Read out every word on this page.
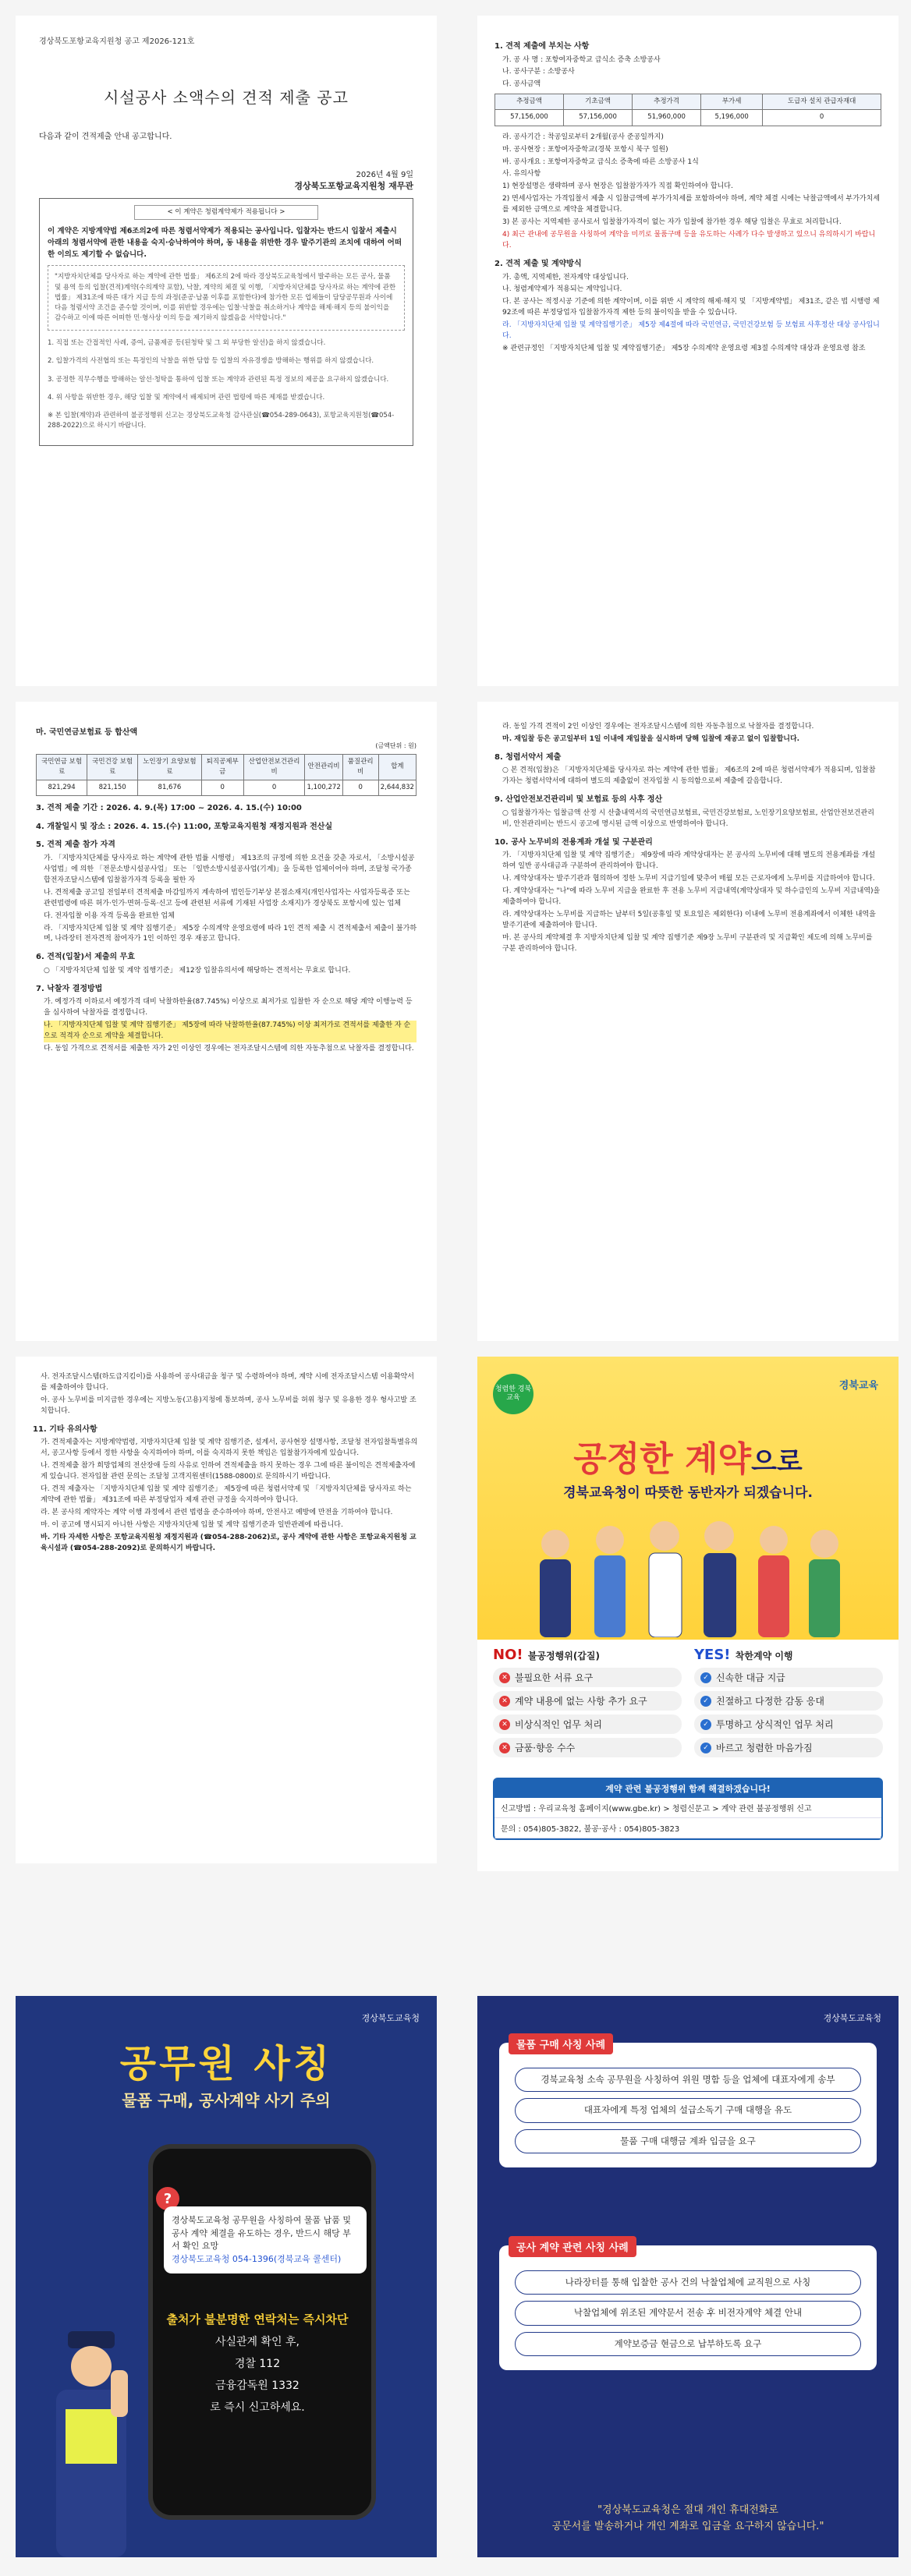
경상북도포항교육지원청 공고 제2026-121호
시설공사 소액수의 견적 제출 공고
다음과 같이 견적제출 안내 공고합니다.
2026년 4월 9일
경상북도포항교육지원청 재무관
< 이 계약은 청렴계약제가 적용됩니다 >
이 계약은 지방계약법 제6조의2에 따른 청렴서약제가 적용되는 공사입니다. 입찰자는 반드시 입찰서 제출시 아래의 청렴서약에 관한 내용을 숙지·승낙하여야 하며, 동 내용을 위반한 경우 발주기관의 조치에 대하여 어떠한 이의도 제기할 수 없습니다.
"지방자치단체를 당사자로 하는 계약에 관한 법률」 제6조의 2에 따라 경상북도교육청에서 발주하는 모든 공사, 물품 및 용역 등의 입찰(견적)계약(수의계약 포함), 낙찰, 계약의 체결 및 이행, 「지방자치단체를 당사자로 하는 계약에 관한 법률」 제31조에 따른 대가 지급 등의 과정(준공·납품 이후를 포함한다)에 참가한 모든 업체들이 담당공무원과 사이에 다음 청렴서약 조건을 준수할 것이며, 이를 위반할 경우에는 입찰·낙찰을 취소하거나 계약을 해제·해지 등의 불이익을 감수하고 이에 따른 어떠한 민·형사상 이의 등을 제기하지 않겠음을 서약합니다."
1. 직접 또는 간접적인 사례, 증여, 금품제공 등(된청탁 및 그 외 부당한 알선)을 하지 않겠습니다.
2. 입찰가격의 사전협의 또는 특정인의 낙찰을 위한 담합 등 입찰의 자유경쟁을 방해하는 행위를 하지 않겠습니다.
3. 공정한 직무수행을 방해하는 알선·청탁을 통하여 입찰 또는 계약과 관련된 특정 정보의 제공을 요구하지 않겠습니다.
4. 위 사항을 위반한 경우, 해당 입찰 및 계약에서 배제되며 관련 법령에 따른 제재를 받겠습니다.
※ 본 입찰(계약)과 관련하여 불공정행위 신고는 경상북도교육청 감사관실(☎054-289-0643), 포항교육지원청(☎054-288-2022)으로 하시기 바랍니다.
1. 견적 제출에 부치는 사항
가. 공 사 명 : 포항여자중학교 급식소 증축 소방공사
나. 공사구분 : 소방공사
다. 공사금액
추정금액	기초금액	추정가격	부가세	도급자 설치 관급자재대
57,156,000	57,156,000	51,960,000	5,196,000	0
라. 공사기간 : 착공일로부터 2개월(공사 준공일까지)
마. 공사현장 : 포항여자중학교(경북 포항시 북구 일원)
바. 공사개요 : 포항여자중학교 급식소 증축에 따른 소방공사 1식
사. 유의사항
1) 현장설명은 생략하며 공사 현장은 입찰참가자가 직접 확인하여야 합니다.
2) 면세사업자는 가격입찰서 제출 시 입찰금액에 부가가치세를 포함하여야 하며, 계약 체결 시에는 낙찰금액에서 부가가치세를 제외한 금액으로 계약을 체결합니다.
3) 본 공사는 지역제한 공사로서 입찰참가자격이 없는 자가 입찰에 참가한 경우 해당 입찰은 무효로 처리합니다.
4) 최근 관내에 공무원을 사칭하여 계약을 미끼로 물품구매 등을 유도하는 사례가 다수 발생하고 있으니 유의하시기 바랍니다.
2. 견적 제출 및 계약방식
가. 총액, 지역제한, 전자계약 대상입니다.
나. 청렴계약제가 적용되는 계약입니다.
다. 본 공사는 적정시공 기준에 의한 계약이며, 이를 위반 시 계약의 해제·해지 및 「지방계약법」 제31조, 같은 법 시행령 제92조에 따른 부정당업자 입찰참가자격 제한 등의 불이익을 받을 수 있습니다.
라. 「지방자치단체 입찰 및 계약집행기준」 제5장 제4절에 따라 국민연금, 국민건강보험 등 보험료 사후정산 대상 공사입니다.
※ 관련규정인 「지방자치단체 입찰 및 계약집행기준」 제5장 수의계약 운영요령 제3절 수의계약 대상과 운영요령 참조
마. 국민연금보험료 등 합산액
(금액단위 : 원)
국민연금 보험료	국민건강 보험료	노인장기 요양보험료	퇴직공제부금	산업안전보건관리비	안전관리비	품질관리비	합계
821,294	821,150	81,676	0	0	1,100,272	0	2,644,832
3. 견적 제출 기간 : 2026. 4. 9.(목) 17:00 ~ 2026. 4. 15.(수) 10:00
4. 개찰일시 및 장소 : 2026. 4. 15.(수) 11:00, 포항교육지원청 재정지원과 전산실
5. 견적 제출 참가 자격
가. 「지방자치단체를 당사자로 하는 계약에 관한 법률 시행령」 제13조의 규정에 의한 요건을 갖춘 자로서, 「소방시설공사업법」에 의한 「전문소방시설공사업」 또는 「일반소방시설공사업(기계)」을 등록한 업체이어야 하며, 조달청 국가종합전자조달시스템에 입찰참가자격 등록을 필한 자
나. 견적제출 공고일 전일부터 견적제출 마감일까지 계속하여 법인등기부상 본점소재지(개인사업자는 사업자등록증 또는 관련법령에 따른 허가·인가·면허·등록·신고 등에 관련된 서류에 기재된 사업장 소재지)가 경상북도 포항시에 있는 업체
다. 전자입찰 이용 자격 등록을 완료한 업체
라. 「지방자치단체 입찰 및 계약 집행기준」 제5장 수의계약 운영요령에 따라 1인 견적 제출 시 견적제출서 제출이 불가하며, 나라장터 전자견적 참여자가 1인 이하인 경우 재공고 합니다.
6. 견적(입찰)서 제출의 무효
○ 「지방자치단체 입찰 및 계약 집행기준」 제12장 입찰유의서에 해당하는 견적서는 무효로 합니다.
7. 낙찰자 결정방법
가. 예정가격 이하로서 예정가격 대비 낙찰하한율(87.745%) 이상으로 최저가로 입찰한 자 순으로 해당 계약 이행능력 등을 심사하여 낙찰자를 결정합니다.
나. 「지방자치단체 입찰 및 계약 집행기준」 제5장에 따라 낙찰하한율(87.745%) 이상 최저가로 견적서를 제출한 자 순으로 적격자 순으로 계약을 체결합니다.
다. 동일 가격으로 견적서를 제출한 자가 2인 이상인 경우에는 전자조달시스템에 의한 자동추첨으로 낙찰자를 결정합니다.
라. 동일 가격 견적이 2인 이상인 경우에는 전자조달시스템에 의한 자동추첨으로 낙찰자를 결정합니다.
마. 재입찰 등은 공고일부터 1일 이내에 재입찰을 실시하며 당해 입찰에 재공고 없이 입찰합니다.
8. 청렴서약서 제출
○ 본 견적(입찰)은 「지방자치단체를 당사자로 하는 계약에 관한 법률」 제6조의 2에 따른 청렴서약제가 적용되며, 입찰참가자는 청렴서약서에 대하여 별도의 제출없이 전자입찰 시 동의함으로써 제출에 갈음합니다.
9. 산업안전보건관리비 및 보험료 등의 사후 정산
○ 입찰참가자는 입찰금액 산정 시 산출내역서의 국민연금보험료, 국민건강보험료, 노인장기요양보험료, 산업안전보건관리비, 안전관리비는 반드시 공고에 명시된 금액 이상으로 반영하여야 합니다.
10. 공사 노무비의 전용계좌 개설 및 구분관리
가. 「지방자치단체 입찰 및 계약 집행기준」 제9장에 따라 계약상대자는 본 공사의 노무비에 대해 별도의 전용계좌를 개설하여 일반 공사대금과 구분하여 관리하여야 합니다.
나. 계약상대자는 발주기관과 협의하여 정한 노무비 지급기일에 맞추어 매월 모든 근로자에게 노무비를 지급하여야 합니다.
다. 계약상대자는 "나"에 따라 노무비 지급을 완료한 후 전용 노무비 지급내역(계약상대자 및 하수급인의 노무비 지급내역)을 제출하여야 합니다.
라. 계약상대자는 노무비를 지급하는 날부터 5일(공휴일 및 토요일은 제외한다) 이내에 노무비 전용계좌에서 이체한 내역을 발주기관에 제출하여야 합니다.
마. 본 공사의 계약체결 후 지방자치단체 입찰 및 계약 집행기준 제9장 노무비 구분관리 및 지급확인 제도에 의해 노무비를 구분 관리하여야 합니다.
사. 전자조달시스템(하도급지킴이)를 사용하여 공사대금을 청구 및 수령하여야 하며, 계약 시에 전자조달시스템 이용확약서를 제출하여야 합니다.
아. 공사 노무비를 미지급한 경우에는 지방노동(고용)지청에 통보하며, 공사 노무비를 허위 청구 및 유용한 경우 형사고발 조치합니다.
11. 기타 유의사항
가. 견적제출자는 지방계약법령, 지방자치단체 입찰 및 계약 집행기준, 설계서, 공사현장 설명사항, 조달청 전자입찰특별유의서, 공고사항 등에서 정한 사항을 숙지하여야 하며, 이를 숙지하지 못한 책임은 입찰참가자에게 있습니다.
나. 견적제출 참가 희망업체의 전산장애 등의 사유로 인하여 견적제출을 하지 못하는 경우 그에 따른 불이익은 견적제출자에게 있습니다. 전자입찰 관련 문의는 조달청 고객지원센터(1588-0800)로 문의하시기 바랍니다.
다. 견적 제출자는 「지방자치단체 입찰 및 계약 집행기준」 제5장에 따른 청렴서약제 및 「지방자치단체를 당사자로 하는 계약에 관한 법률」 제31조에 따른 부정당업자 제재 관련 규정을 숙지하여야 합니다.
라. 본 공사의 계약자는 계약 이행 과정에서 관련 법령을 준수하여야 하며, 안전사고 예방에 만전을 기하여야 합니다.
마. 이 공고에 명시되지 아니한 사항은 지방자치단체 입찰 및 계약 집행기준과 일반관례에 따릅니다.
바. 기타 자세한 사항은 포항교육지원청 재정지원과 (☎054-288-2062)로, 공사 계약에 관한 사항은 포항교육지원청 교육시설과 (☎054-288-2092)로 문의하시기 바랍니다.
청렴한 경북교육
경북교육
공정한 계약으로
경북교육청이 따뜻한 동반자가 되겠습니다.
NO! 불공정행위(갑질)
✕ 불필요한 서류 요구
✕ 계약 내용에 없는 사항 추가 요구
✕ 비상식적인 업무 처리
✕ 금품·향응 수수
YES! 착한계약 이행
✓ 신속한 대금 지급
✓ 친절하고 다정한 감동 응대
✓ 투명하고 상식적인 업무 처리
✓ 바르고 청렴한 마음가짐
계약 관련 불공정행위 함께 해결하겠습니다!
신고방법 : 우리교육청 홈페이지(www.gbe.kr) > 청렴신문고 > 계약 관련 불공정행위 신고
문의 : 054)805-3822, 불공·공사 : 054)805-3823
경상북도교육청
공무원 사칭
물품 구매, 공사계약 사기 주의
?
경상북도교육청 공무원을 사칭하여 물품 납품 및 공사 계약 체결을 유도하는 경우, 반드시 해당 부서 확인 요망
경상북도교육청 054-1396(경북교육 콜센터)
출처가 불분명한 연락처는 즉시차단
사실관계 확인 후,
경찰 112
금융감독원 1332
로 즉시 신고하세요.
경상북도교육청
물품 구매 사칭 사례
경북교육청 소속 공무원을 사칭하여 위원 명함 등을 업체에 대표자에게 송부
대표자에게 특정 업체의 설급소독기 구매 대행을 유도
물품 구매 대행금 계좌 입금을 요구
공사 계약 관련 사칭 사례
나라장터를 통해 입찰한 공사 건의 낙찰업체에 교직원으로 사칭
낙찰업체에 위조된 계약문서 전송 후 비전자계약 체결 안내
계약보증금 현금으로 납부하도록 요구
"경상북도교육청은 절대 개인 휴대전화로
공문서를 발송하거나 개인 계좌로 입금을 요구하지 않습니다."
